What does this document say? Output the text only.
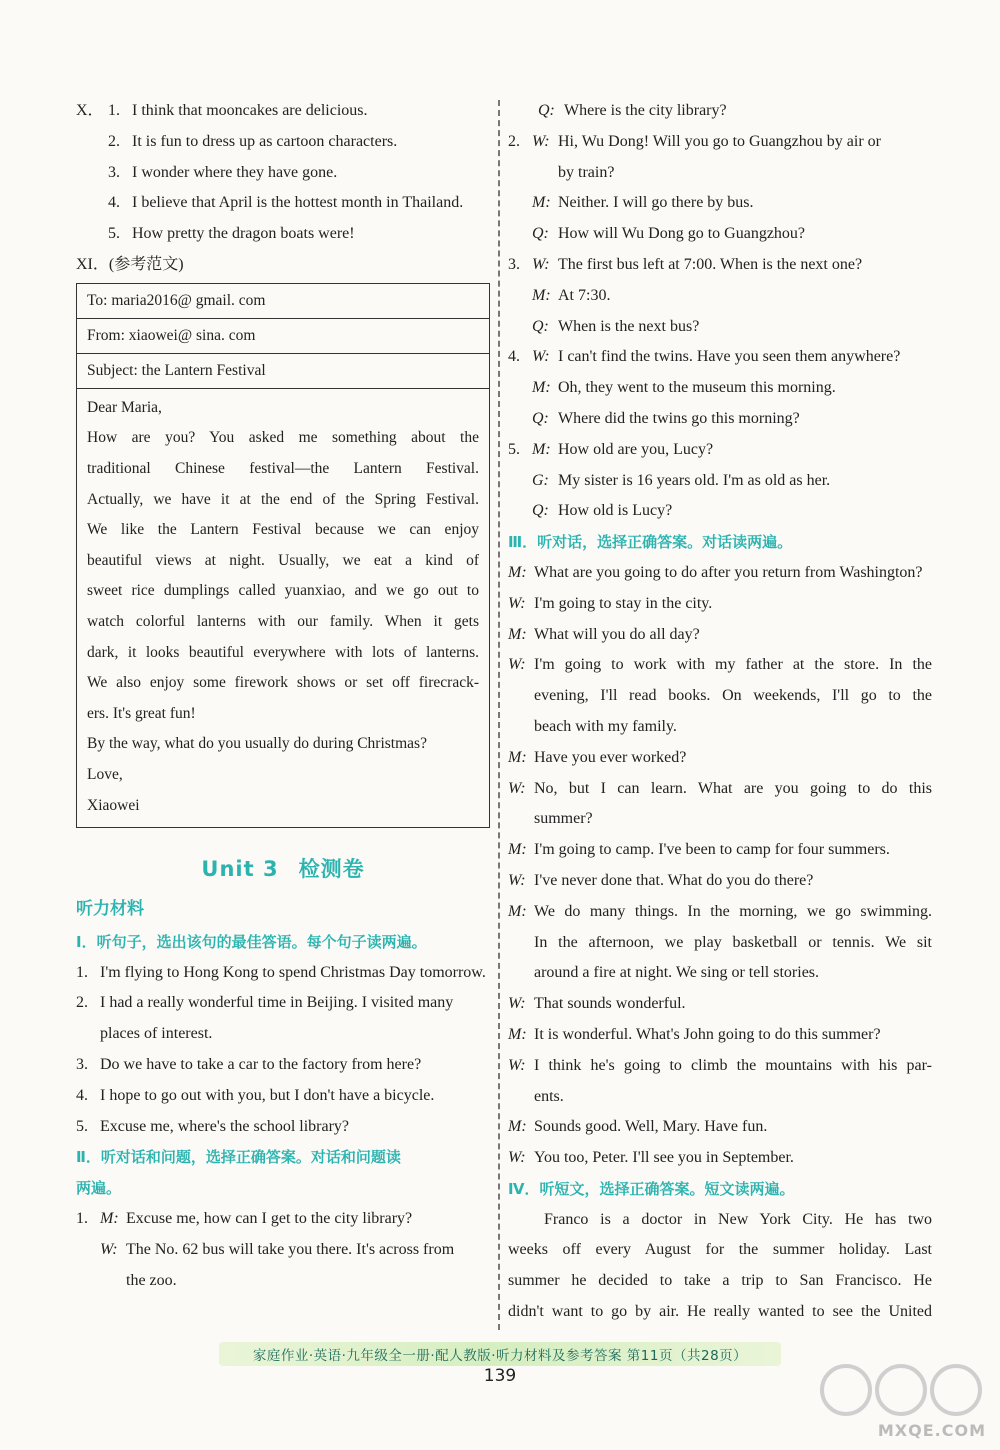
X． 1. I think that mooncakes are delicious.
2. It is fun to dress up as cartoon characters.
3. I wonder where they have gone.
4. I believe that April is the hottest month in Thailand.
5. How pretty the dragon boats were!
XI．(参考范文)
To: maria2016@ gmail. com
From: xiaowei@ sina. com
Subject: the Lantern Festival

Dear Maria,
How are you? You asked me something about the
traditional Chinese festival—the Lantern Festival.
Actually, we have it at the end of the Spring Festival.
We like the Lantern Festival because we can enjoy
beautiful views at night. Usually, we eat a kind of
sweet rice dumplings called yuanxiao, and we go out to
watch colorful lanterns with our family. When it gets
dark, it looks beautiful everywhere with lots of lanterns.
We also enjoy some firework shows or set off firecrack-
ers. It's great fun!
By the way, what do you usually do during Christmas?
Love,
Xiaowei
Unit 3 检测卷
听力材料
I．听句子，选出该句的最佳答语。每个句子读两遍。
1. I'm flying to Hong Kong to spend Christmas Day tomorrow.
2. I had a really wonderful time in Beijing. I visited many
places of interest.
3. Do we have to take a car to the factory from here?
4. I hope to go out with you, but I don't have a bicycle.
5. Excuse me, where's the school library?
Ⅱ．听对话和问题，选择正确答案。对话和问题读
两遍。
1. M: Excuse me, how can I get to the city library?
W: The No. 62 bus will take you there. It's across from
the zoo.
Q: Where is the city library?
2. W: Hi, Wu Dong! Will you go to Guangzhou by air or
by train?
M: Neither. I will go there by bus.
Q: How will Wu Dong go to Guangzhou?
3. W: The first bus left at 7:00. When is the next one?
M: At 7:30.
Q: When is the next bus?
4. W: I can't find the twins. Have you seen them anywhere?
M: Oh, they went to the museum this morning.
Q: Where did the twins go this morning?
5. M: How old are you, Lucy?
G: My sister is 16 years old. I'm as old as her.
Q: How old is Lucy?
Ⅲ．听对话，选择正确答案。对话读两遍。
M: What are you going to do after you return from Washington?
W: I'm going to stay in the city.
M: What will you do all day?
W: I'm going to work with my father at the store. In the
evening, I'll read books. On weekends, I'll go to the
beach with my family.
M: Have you ever worked?
W: No, but I can learn. What are you going to do this
summer?
M: I'm going to camp. I've been to camp for four summers.
W: I've never done that. What do you do there?
M: We do many things. In the morning, we go swimming.
In the afternoon, we play basketball or tennis. We sit
around a fire at night. We sing or tell stories.
W: That sounds wonderful.
M: It is wonderful. What's John going to do this summer?
W: I think he's going to climb the mountains with his par-
ents.
M: Sounds good. Well, Mary. Have fun.
W: You too, Peter. I'll see you in September.
Ⅳ．听短文，选择正确答案。短文读两遍。
Franco is a doctor in New York City. He has two
weeks off every August for the summer holiday. Last
summer he decided to take a trip to San Francisco. He
didn't want to go by air. He really wanted to see the United
家庭作业·英语·九年级全一册·配人教版·听力材料及参考答案 第11页（共28页）
139
MXQE.COM
